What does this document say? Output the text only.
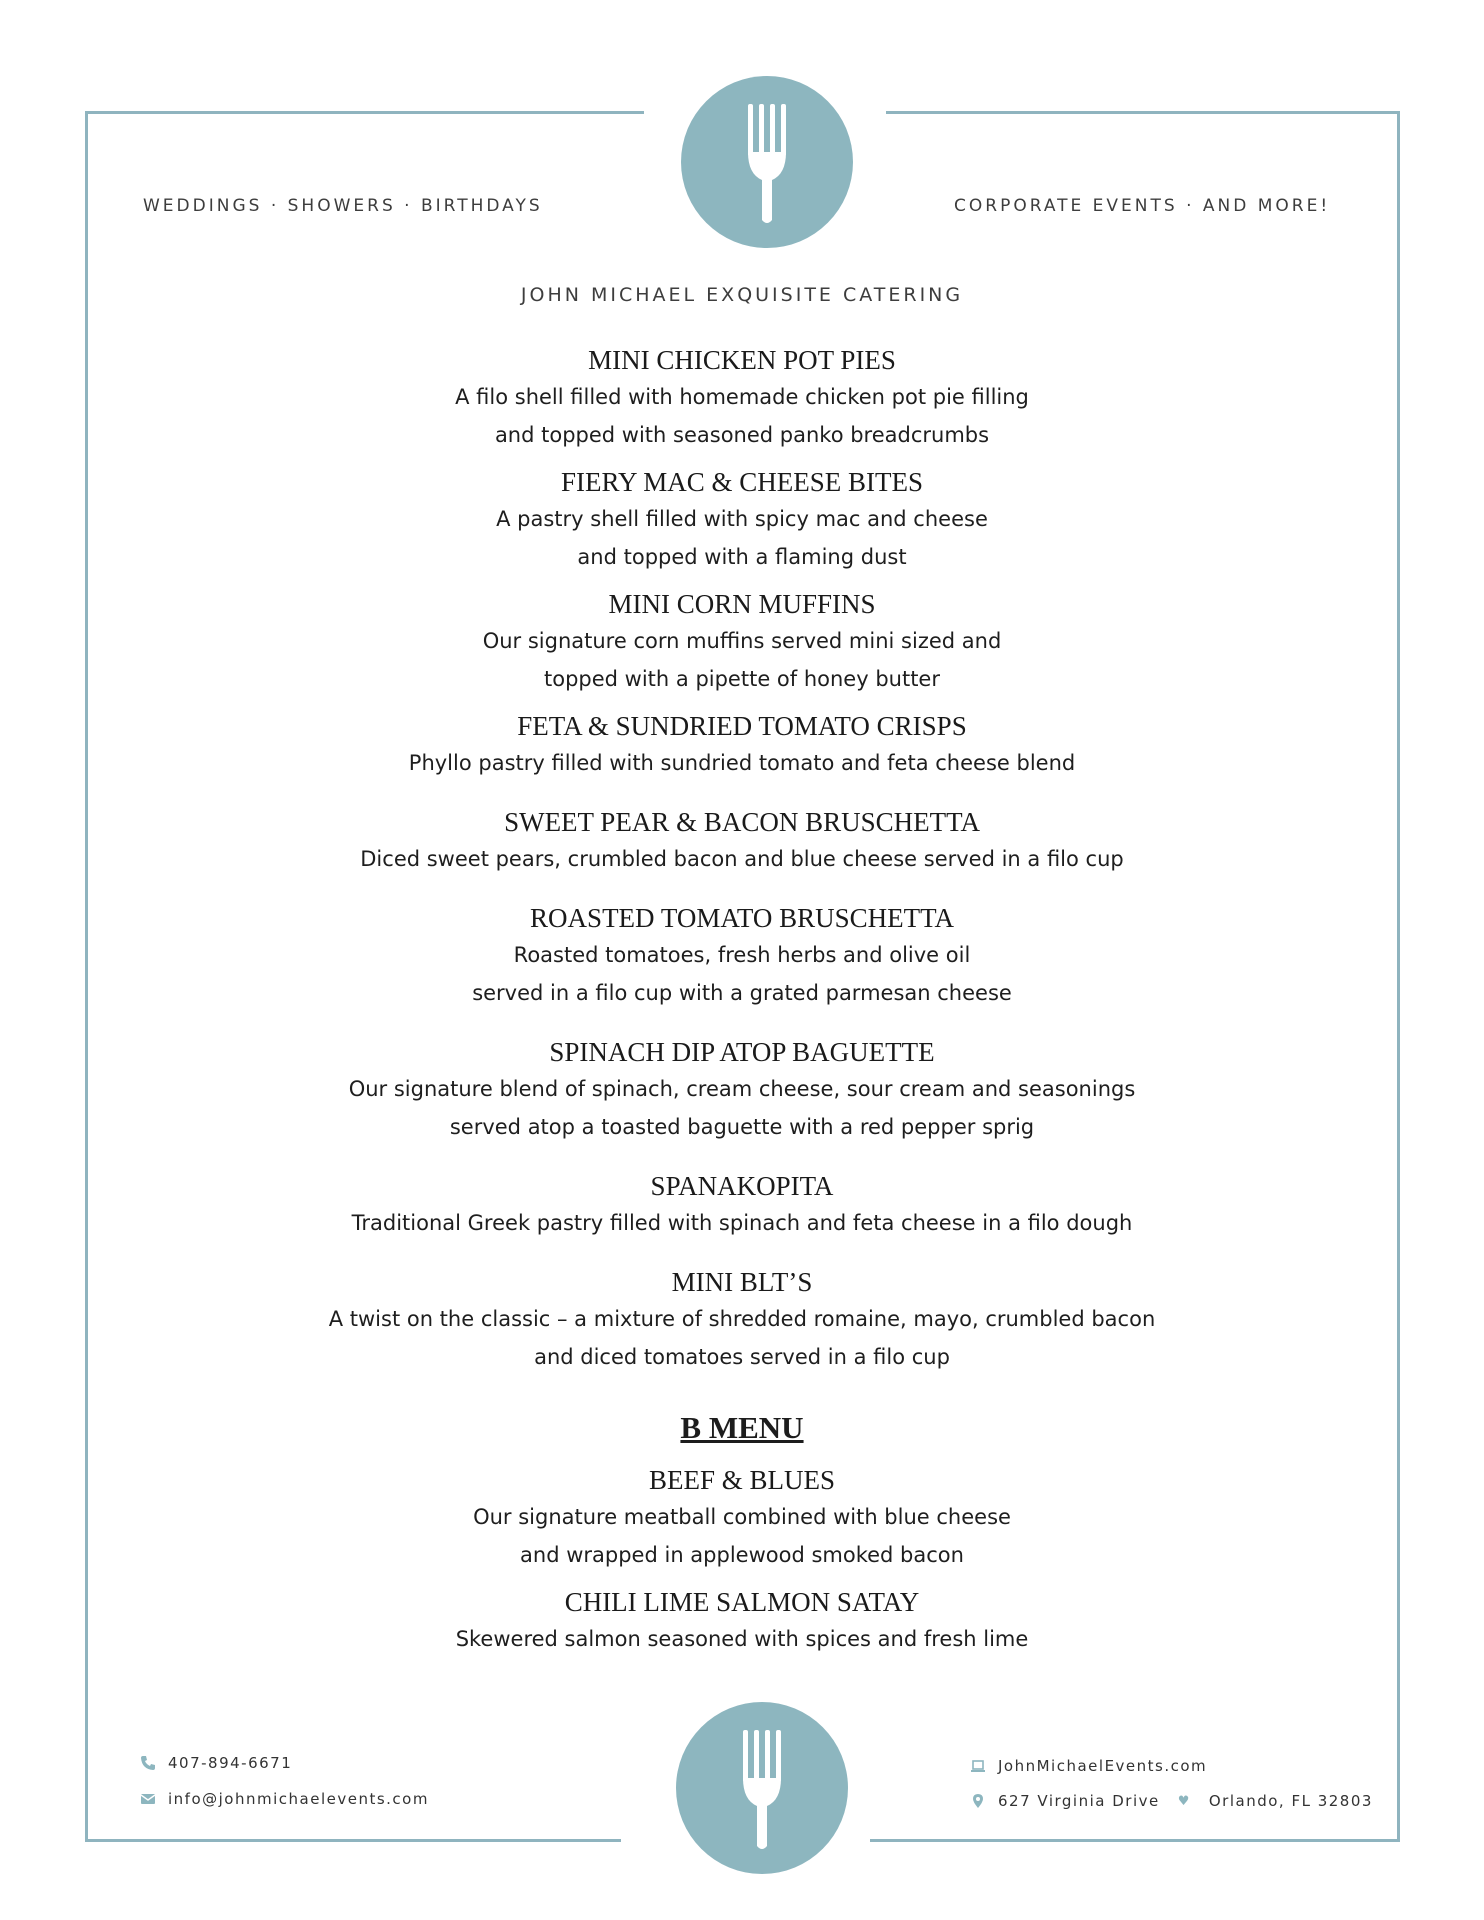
WEDDINGS · SHOWERS · BIRTHDAYS	CORPORATE EVENTS · AND MORE!
JOHN MICHAEL EXQUISITE CATERING
MINI CHICKEN POT PIES
A filo shell filled with homemade chicken pot pie filling
and topped with seasoned panko breadcrumbs
FIERY MAC & CHEESE BITES
A pastry shell filled with spicy mac and cheese
and topped with a flaming dust
MINI CORN MUFFINS
Our signature corn muffins served mini sized and
topped with a pipette of honey butter
FETA & SUNDRIED TOMATO CRISPS
Phyllo pastry filled with sundried tomato and feta cheese blend
SWEET PEAR & BACON BRUSCHETTA
Diced sweet pears, crumbled bacon and blue cheese served in a filo cup
ROASTED TOMATO BRUSCHETTA
Roasted tomatoes, fresh herbs and olive oil
served in a filo cup with a grated parmesan cheese
SPINACH DIP ATOP BAGUETTE
Our signature blend of spinach, cream cheese, sour cream and seasonings
served atop a toasted baguette with a red pepper sprig
SPANAKOPITA
Traditional Greek pastry filled with spinach and feta cheese in a filo dough
MINI BLT’S
A twist on the classic – a mixture of shredded romaine, mayo, crumbled bacon
and diced tomatoes served in a filo cup
B MENU
BEEF & BLUES
Our signature meatball combined with blue cheese
and wrapped in applewood smoked bacon
CHILI LIME SALMON SATAY
Skewered salmon seasoned with spices and fresh lime
407-894-6671
info@johnmichaelevents.com
JohnMichaelEvents.com
627 Virginia Drive ♥ Orlando, FL 32803
